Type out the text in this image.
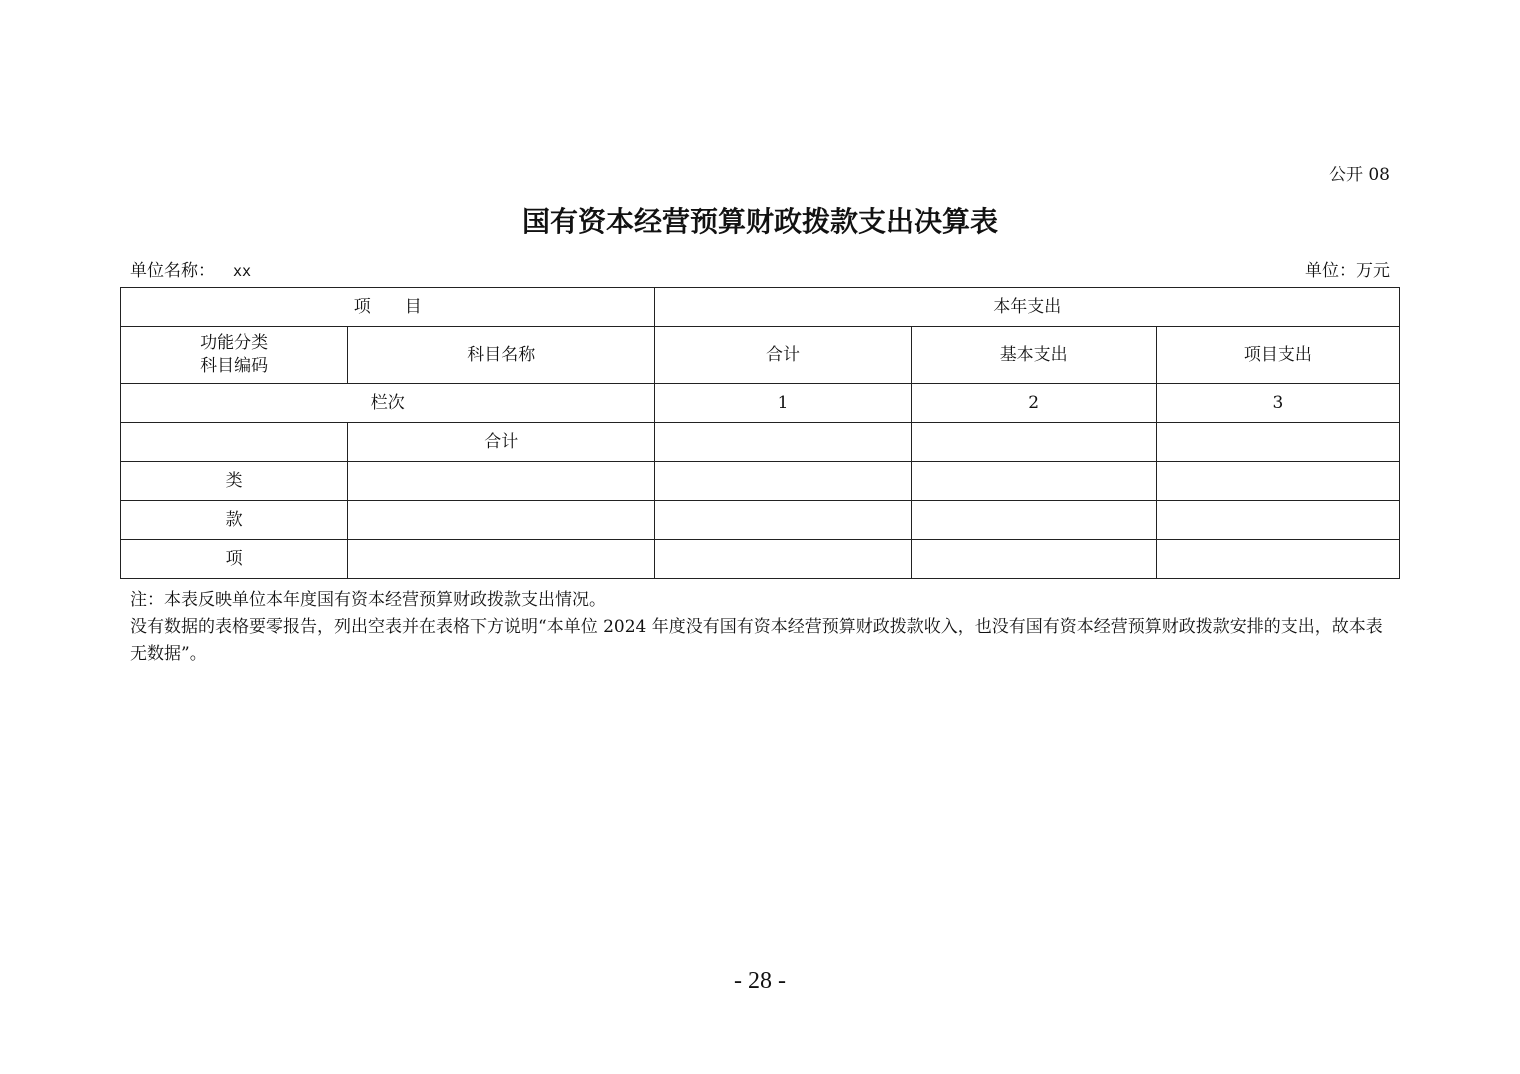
公开 08
国有资本经营预算财政拨款支出决算表
单位名称： xx	单位：万元
项　　目		本年支出		

功能分类
科目编码	科目名称	合计	基本支出	项目支出
栏次		1	2	3
	合计			
类				
款				
项				

注：本表反映单位本年度国有资本经营预算财政拨款支出情况。

没有数据的表格要零报告，列出空表并在表格下方说明“本单位 2024 年度没有国有资本经营预算财政拨款收入，也没有国有资本经营预算财政拨款安排的支出，故本表无数据”。

- 28 -
